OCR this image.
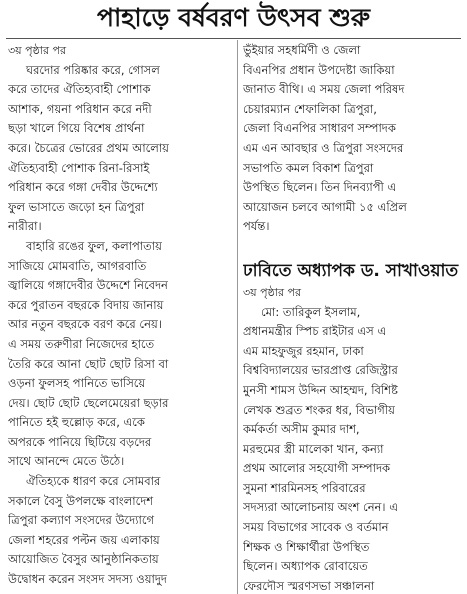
পাহাড়ে বর্ষবরণ উৎসব শুরু
৩য় পৃষ্ঠার পর
ঘরদোর পরিষ্কার করে, গোসল
করে তাদের ঐতিহ্যবাহী পোশাক
আশাক, গয়না পরিধান করে নদী
ছড়া খালে গিয়ে বিশেষ প্রার্থনা
করে। চৈত্রের ভোরের প্রথম আলোয়
ঐতিহ্যবাহী পোশাক রিনা-রিসাই
পরিধান করে গঙ্গা দেবীর উদ্দেশ্যে
ফুল ভাসাতে জড়ো হন ত্রিপুরা
নারীরা।
বাহারি রঙের ফুল, কলাপাতায়
সাজিয়ে মোমবাতি, আগরবাতি
জ্বালিয়ে গঙ্গাদেবীর উদ্দেশে নিবেদন
করে পুরাতন বছরকে বিদায় জানায়
আর নতুন বছরকে বরণ করে নেয়।
এ সময় তরুণীরা নিজেদের হাতে
তৈরি করে আনা ছোট ছোট রিসা বা
ওড়না ফুলসহ পানিতে ভাসিয়ে
দেয়। ছোট ছোট ছেলেমেয়েরা ছড়ার
পানিতে হই হুল্লোড় করে, একে
অপরকে পানিয়ে ছিটিয়ে বড়দের
সাথে আনন্দে মেতে উঠে।
ঐতিহ্যকে ধারণ করে সোমবার
সকালে বৈসু উপলক্ষে বাংলাদেশ
ত্রিপুরা কল্যাণ সংসদের উদ্যোগে
জেলা শহরের পল্টন জয় এলাকায়
আয়োজিত বৈসুর আনুষ্ঠানিকতায়
উদ্বোধন করেন সংসদ সদস্য ওয়াদুদ
ভুঁইয়ার সহধর্মিণী ও জেলা
বিএনপির প্রধান উপদেষ্টা জাকিয়া
জানাত বীথি। এ সময় জেলা পরিষদ
চেয়ারম্যান শেফালিকা ত্রিপুরা,
জেলা বিএনপির সাধারণ সম্পাদক
এম এন আবছার ও ত্রিপুরা সংসদের
সভাপতি কমল বিকাশ ত্রিপুরা
উপস্থিত ছিলেন। তিন দিনব্যাপী এ
আয়োজন চলবে আগামী ১৫ এপ্রিল
পর্যন্ত।
ঢাবিতে অধ্যাপক ড. সাখাওয়াত
৩য় পৃষ্ঠার পর
মো: তারিকুল ইসলাম,
প্রধানমন্ত্রীর স্পিচ রাইটার এস এ
এম মাহফুজুর রহমান, ঢাকা
বিশ্ববিদ্যালয়ের ভারপ্রাপ্ত রেজিস্ট্রার
মুনসী শামস উদ্দিন আহম্মদ, বিশিষ্ট
লেখক শুব্রত শংকর ধর, বিভাগীয়
কর্মকর্তা অসীম কুমার দাশ,
মরহুমের স্ত্রী মালেকা খান, কন্যা
প্রথম আলোর সহযোগী সম্পাদক
সুমনা শারমিনসহ পরিবারের
সদস্যরা আলোচনায় অংশ নেন। এ
সময় বিভাগের সাবেক ও বর্তমান
শিক্ষক ও শিক্ষার্থীরা উপস্থিত
ছিলেন। অধ্যাপক রোবায়েত
ফেরদৌস স্মরণসভা সঞ্চালনা
